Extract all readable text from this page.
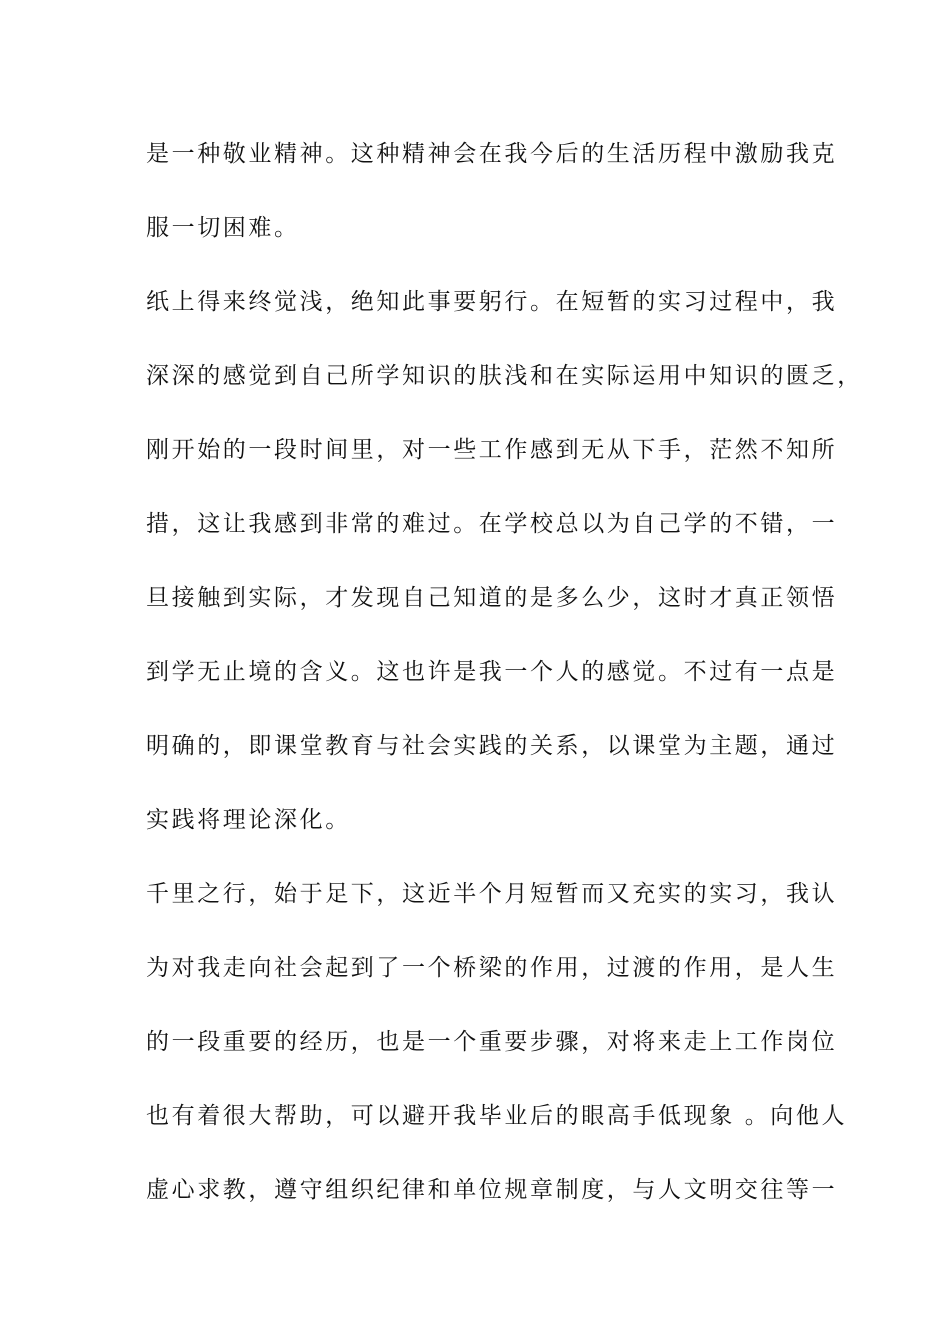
是一种敬业精神。这种精神会在我今后的生活历程中激励我克
服一切困难。
纸上得来终觉浅，绝知此事要躬行。在短暂的实习过程中，我
深深的感觉到自己所学知识的肤浅和在实际运用中知识的匮乏，
刚开始的一段时间里，对一些工作感到无从下手，茫然不知所
措，这让我感到非常的难过。在学校总以为自己学的不错，一
旦接触到实际，才发现自己知道的是多么少，这时才真正领悟
到学无止境的含义。这也许是我一个人的感觉。不过有一点是
明确的，即课堂教育与社会实践的关系，以课堂为主题，通过
实践将理论深化。
千里之行，始于足下，这近半个月短暂而又充实的实习，我认
为对我走向社会起到了一个桥梁的作用，过渡的作用，是人生
的一段重要的经历，也是一个重要步骤，对将来走上工作岗位
也有着很大帮助，可以避开我毕业后的眼高手低现象 。向他人
虚心求教，遵守组织纪律和单位规章制度，与人文明交往等一
